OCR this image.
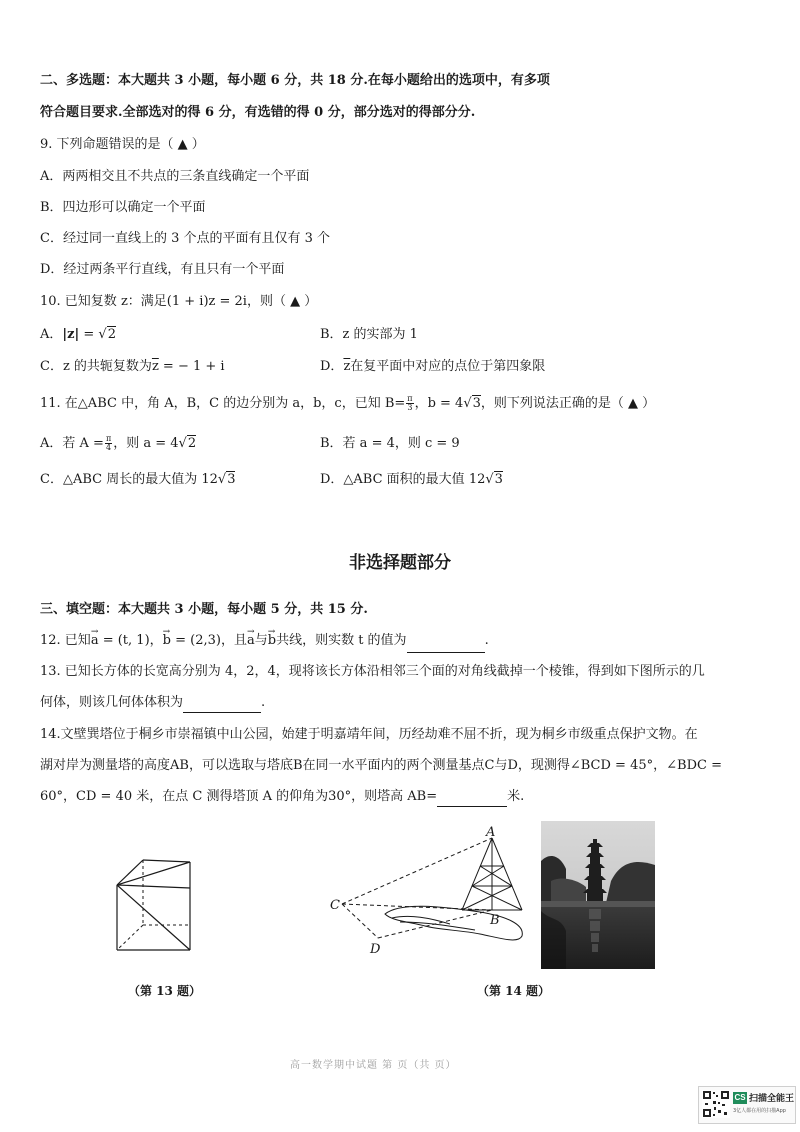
二、多选题：本大题共 3 小题，每小题 6 分，共 18 分.在每小题给出的选项中，有多项
符合题目要求.全部选对的得 6 分，有选错的得 0 分，部分选对的得部分分.
9. 下列命题错误的是（ ▲ ）
A．两两相交且不共点的三条直线确定一个平面
B．四边形可以确定一个平面
C．经过同一直线上的 3 个点的平面有且仅有 3 个
D．经过两条平行直线，有且只有一个平面
10. 已知复数 z：满足(1 + i)z = 2i，则（ ▲ ）
A．|z| = √2	B．z 的实部为 1
C．z 的共轭复数为$\overline{z}$ = − 1 + i	D．$\overline{z}$在复平面中对应的点位于第四象限
11. 在△ABC 中，角 A，B，C 的边分别为 a，b，c，已知 $B= \frac{\pi}{3}$ ，b = 4√3，则下列说法正确的是（ ▲ ）
A．若 $A = \frac{\pi}{4}$ ，则 a = 4√2	B．若 a = 4，则 c = 9
C．△ABC 周长的最大值为 12√3	D．△ABC 面积的最大值 12√3
非选择题部分
三、填空题：本大题共 3 小题，每小题 5 分，共 15 分.
12. 已知→ a = (t, 1)，→ b = (2,3)，且→ a与→ b共线，则实数 t 的值为	.
13. 已知长方体的长宽高分别为 4，2，4，现将该长方体沿相邻三个面的对角线截掉一个棱锥，得到如下图所示的几
何体，则该几何体体积为	.
14.文壁巽塔位于桐乡市崇福镇中山公园，始建于明嘉靖年间，历经劫难不屈不折，现为桐乡市级重点保护文物。在
湖对岸为测量塔的高度AB，可以选取与塔底B在同一水平面内的两个测量基点C与D，现测得∠BCD = 45°，∠BDC =
60°，CD = 40 米，在点 C 测得塔顶 A 的仰角为30°，则塔高 AB=	米.
（第 13 题）
A
B
C
D
（第 14 题）
高一数学期中试题 第 页（共 页）
CS 扫描全能王
3亿人都在用的扫描App
